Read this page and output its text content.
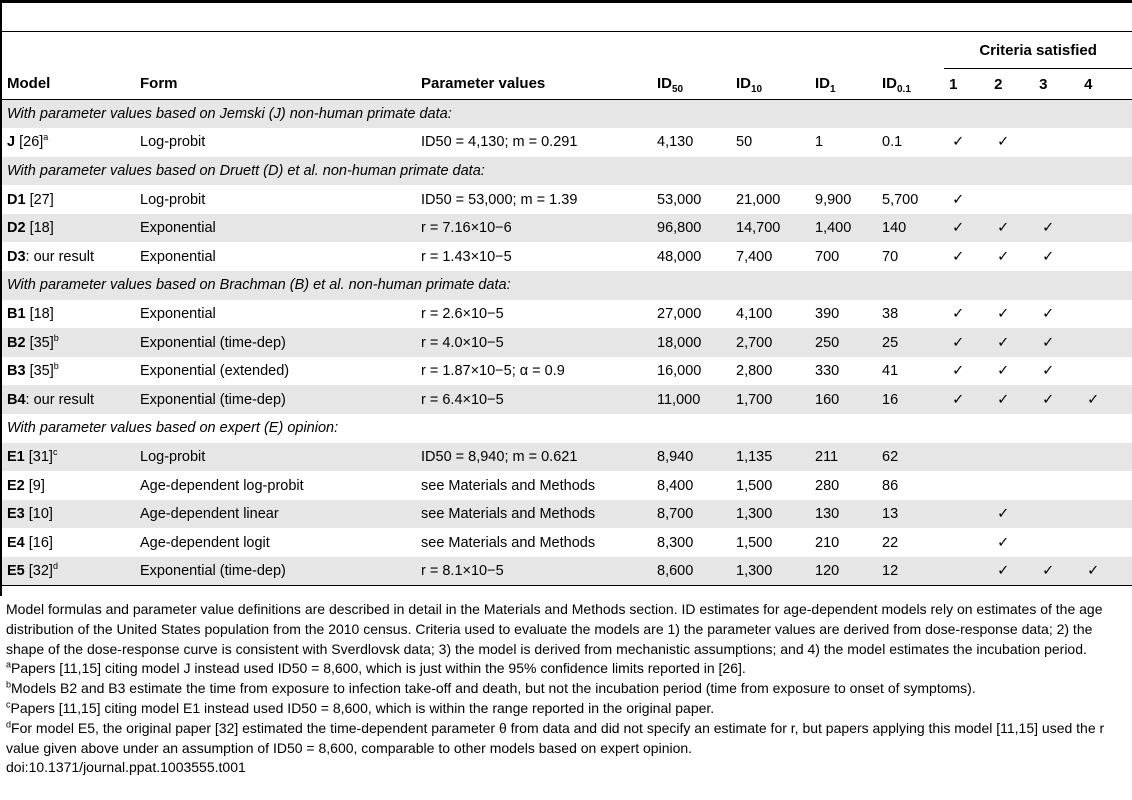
							Criteria satisfied			
Model	Form	Parameter values	$ID_{50}$	$ID_{10}$	$ID_1$	$ID_{0.1}$	1	2	3	4
With parameter values based on Jemski (J) non-human primate data:										
J $[26]^a$	Log-probit	ID50 = 4,130; m = 0.291	4,130	50	1	0.1	✓	✓		
With parameter values based on Druett (D) et al. non-human primate data:										
D1 [27]	Log-probit	ID50 = 53,000; m = 1.39	53,000	21,000	9,900	5,700	✓			
D2 [18]	Exponential	r = 7.16×10−6	96,800	14,700	1,400	140	✓	✓	✓	
D3: our result	Exponential	r = 1.43×10−5	48,000	7,400	700	70	✓	✓	✓	
With parameter values based on Brachman (B) et al. non-human primate data:										
B1 [18]	Exponential	r = 2.6×10−5	27,000	4,100	390	38	✓	✓	✓	
B2 $[35]^b$	Exponential (time-dep)	r = 4.0×10−5	18,000	2,700	250	25	✓	✓	✓	
B3 $[35]^b$	Exponential (extended)	r = 1.87×10−5; α = 0.9	16,000	2,800	330	41	✓	✓	✓	
B4: our result	Exponential (time-dep)	r = 6.4×10−5	11,000	1,700	160	16	✓	✓	✓	✓
With parameter values based on expert (E) opinion:										
E1 $[31]^c$	Log-probit	ID50 = 8,940; m = 0.621	8,940	1,135	211	62				
E2 [9]	Age-dependent log-probit	see Materials and Methods	8,400	1,500	280	86				
E3 [10]	Age-dependent linear	see Materials and Methods	8,700	1,300	130	13		✓		
E4 [16]	Age-dependent logit	see Materials and Methods	8,300	1,500	210	22		✓		
E5 $[32]^d$	Exponential (time-dep)	r = 8.1×10−5	8,600	1,300	120	12		✓	✓	✓

Model formulas and parameter value definitions are described in detail in the Materials and Methods section. ID estimates for age-dependent models rely on estimates of the age distribution of the United States population from the 2010 census. Criteria used to evaluate the models are 1) the parameter values are derived from dose-response data; 2) the shape of the dose-response curve is consistent with Sverdlovsk data; 3) the model is derived from mechanistic assumptions; and 4) the model estimates the incubation period.

$^a$Papers [11,15] citing model J instead used ID50 = 8,600, which is just within the 95% confidence limits reported in [26].

$^b$Models B2 and B3 estimate the time from exposure to infection take-off and death, but not the incubation period (time from exposure to onset of symptoms).

$^c$Papers [11,15] citing model E1 instead used ID50 = 8,600, which is within the range reported in the original paper.

$^d$For model E5, the original paper [32] estimated the time-dependent parameter θ from data and did not specify an estimate for r, but papers applying this model [11,15] used the r value given above under an assumption of ID50 = 8,600, comparable to other models based on expert opinion.

doi:10.1371/journal.ppat.1003555.t001
